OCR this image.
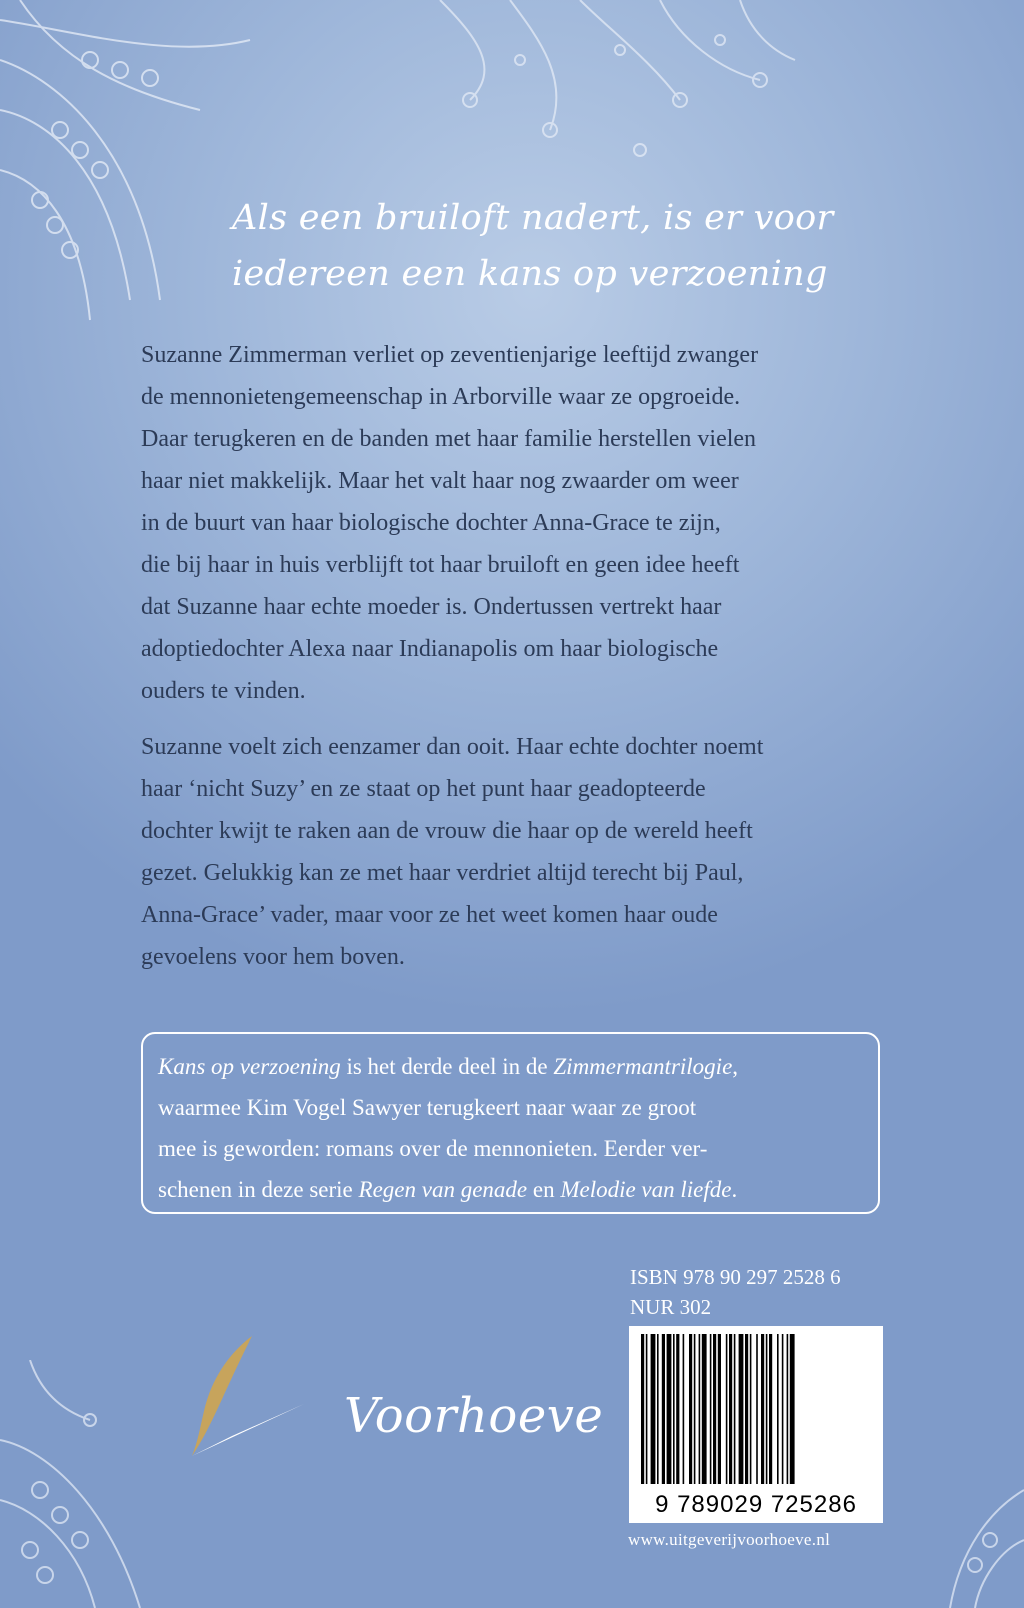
Als een bruiloft nadert, is er voor
iedereen een kans op verzoening
Suzanne Zimmerman verliet op zeventienjarige leeftijd zwanger
de mennonietengemeenschap in Arborville waar ze opgroeide.
Daar terugkeren en de banden met haar familie herstellen vielen
haar niet makkelijk. Maar het valt haar nog zwaarder om weer
in de buurt van haar biologische dochter Anna-Grace te zijn,
die bij haar in huis verblijft tot haar bruiloft en geen idee heeft
dat Suzanne haar echte moeder is. Ondertussen vertrekt haar
adoptiedochter Alexa naar Indianapolis om haar biologische
ouders te vinden.
Suzanne voelt zich eenzamer dan ooit. Haar echte dochter noemt
haar ‘nicht Suzy’ en ze staat op het punt haar geadopteerde
dochter kwijt te raken aan de vrouw die haar op de wereld heeft
gezet. Gelukkig kan ze met haar verdriet altijd terecht bij Paul,
Anna-Grace’ vader, maar voor ze het weet komen haar oude
gevoelens voor hem boven.
Kans op verzoening is het derde deel in de Zimmermantrilogie,
waarmee Kim Vogel Sawyer terugkeert naar waar ze groot
mee is geworden: romans over de mennonieten. Eerder ver-
schenen in deze serie Regen van genade en Melodie van liefde.
ISBN 978 90 297 2528 6
NUR 302
9 789029 725286
www.uitgeverijvoorhoeve.nl
Voorhoeve
